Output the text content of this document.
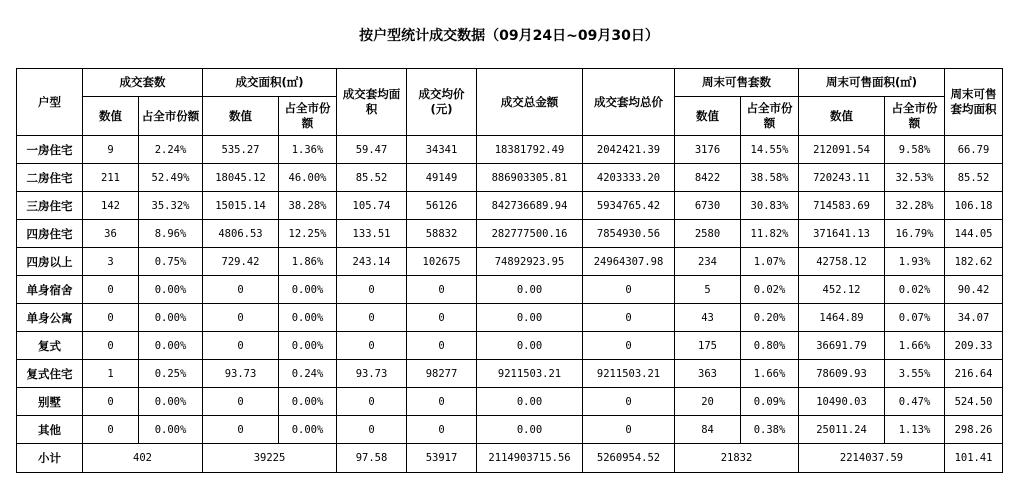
按户型统计成交数据（09月24日~09月30日）
户型	成交套数		成交面积(㎡)		成交套均面积	成交均价(元)	成交总金额	成交套均总价	周末可售套数		周末可售面积(㎡)		周末可售套均面积
	数值	占全市份额	数值	占全市份额					数值	占全市份额	数值	占全市份额	
一房住宅	9	2.24%	535.27	1.36%	59.47	34341	18381792.49	2042421.39	3176	14.55%	212091.54	9.58%	66.79
二房住宅	211	52.49%	18045.12	46.00%	85.52	49149	886903305.81	4203333.20	8422	38.58%	720243.11	32.53%	85.52
三房住宅	142	35.32%	15015.14	38.28%	105.74	56126	842736689.94	5934765.42	6730	30.83%	714583.69	32.28%	106.18
四房住宅	36	8.96%	4806.53	12.25%	133.51	58832	282777500.16	7854930.56	2580	11.82%	371641.13	16.79%	144.05
四房以上	3	0.75%	729.42	1.86%	243.14	102675	74892923.95	24964307.98	234	1.07%	42758.12	1.93%	182.62
单身宿舍	0	0.00%	0	0.00%	0	0	0.00	0	5	0.02%	452.12	0.02%	90.42
单身公寓	0	0.00%	0	0.00%	0	0	0.00	0	43	0.20%	1464.89	0.07%	34.07
复式	0	0.00%	0	0.00%	0	0	0.00	0	175	0.80%	36691.79	1.66%	209.33
复式住宅	1	0.25%	93.73	0.24%	93.73	98277	9211503.21	9211503.21	363	1.66%	78609.93	3.55%	216.64
别墅	0	0.00%	0	0.00%	0	0	0.00	0	20	0.09%	10490.03	0.47%	524.50
其他	0	0.00%	0	0.00%	0	0	0.00	0	84	0.38%	25011.24	1.13%	298.26
小计	402		39225		97.58	53917	2114903715.56	5260954.52	21832		2214037.59		101.41
